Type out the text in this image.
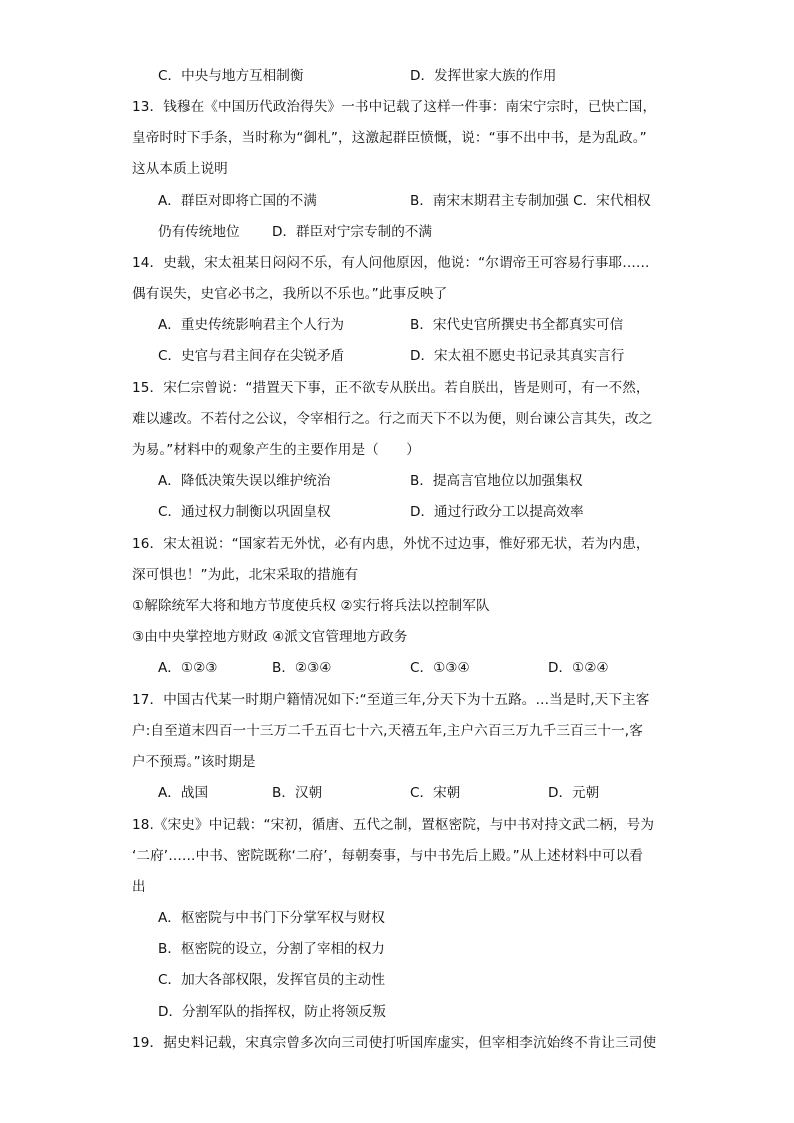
C．中央与地方互相制衡	D．发挥世家大族的作用
13．钱穆在《中国历代政治得失》一书中记载了这样一件事：南宋宁宗时，已快亡国，
皇帝时时下手条，当时称为“御札”，这激起群臣愤慨，说：“事不出中书，是为乱政。”
这从本质上说明
A．群臣对即将亡国的不满	B．南宋末期君主专制加强 C．宋代相权
仍有传统地位 D．群臣对宁宗专制的不满
14．史载，宋太祖某日闷闷不乐，有人问他原因，他说：“尔谓帝王可容易行事耶……
偶有误失，史官必书之，我所以不乐也。”此事反映了
A．重史传统影响君主个人行为	B．宋代史官所撰史书全都真实可信
C．史官与君主间存在尖锐矛盾	D．宋太祖不愿史书记录其真实言行
15．宋仁宗曾说：“措置天下事，正不欲专从朕出。若自朕出，皆是则可，有一不然，
难以遽改。不若付之公议，令宰相行之。行之而天下不以为便，则台谏公言其失，改之
为易。”材料中的观象产生的主要作用是（　　）
A．降低决策失误以维护统治	B．提高言官地位以加强集权
C．通过权力制衡以巩固皇权	D．通过行政分工以提高效率
16．宋太祖说：“国家若无外忧，必有内患，外忧不过边事，惟好邪无状，若为内患，
深可惧也！”为此，北宋采取的措施有
①解除统军大将和地方节度使兵权 ②实行将兵法以控制军队
③由中央掌控地方财政 ④派文官管理地方政务
A．①②③	B．②③④	C．①③④	D．①②④
17．中国古代某一时期户籍情况如下:“至道三年,分天下为十五路。…当是时,天下主客
户:自至道末四百一十三万二千五百七十六,天禧五年,主户六百三万九千三百三十一,客
户不预焉。”该时期是
A．战国	B．汉朝	C．宋朝	D．元朝
18.《宋史》中记载：“宋初，循唐、五代之制，置枢密院，与中书对持文武二柄，号为
‘二府’……中书、密院既称‘二府’，每朝奏事，与中书先后上殿。”从上述材料中可以看
出
A．枢密院与中书门下分掌军权与财权
B．枢密院的设立，分割了宰相的权力
C．加大各部权限，发挥官员的主动性
D．分割军队的指挥权，防止将领反叛
19．据史料记载，宋真宗曾多次向三司使打听国库虚实，但宰相李沆始终不肯让三司使
